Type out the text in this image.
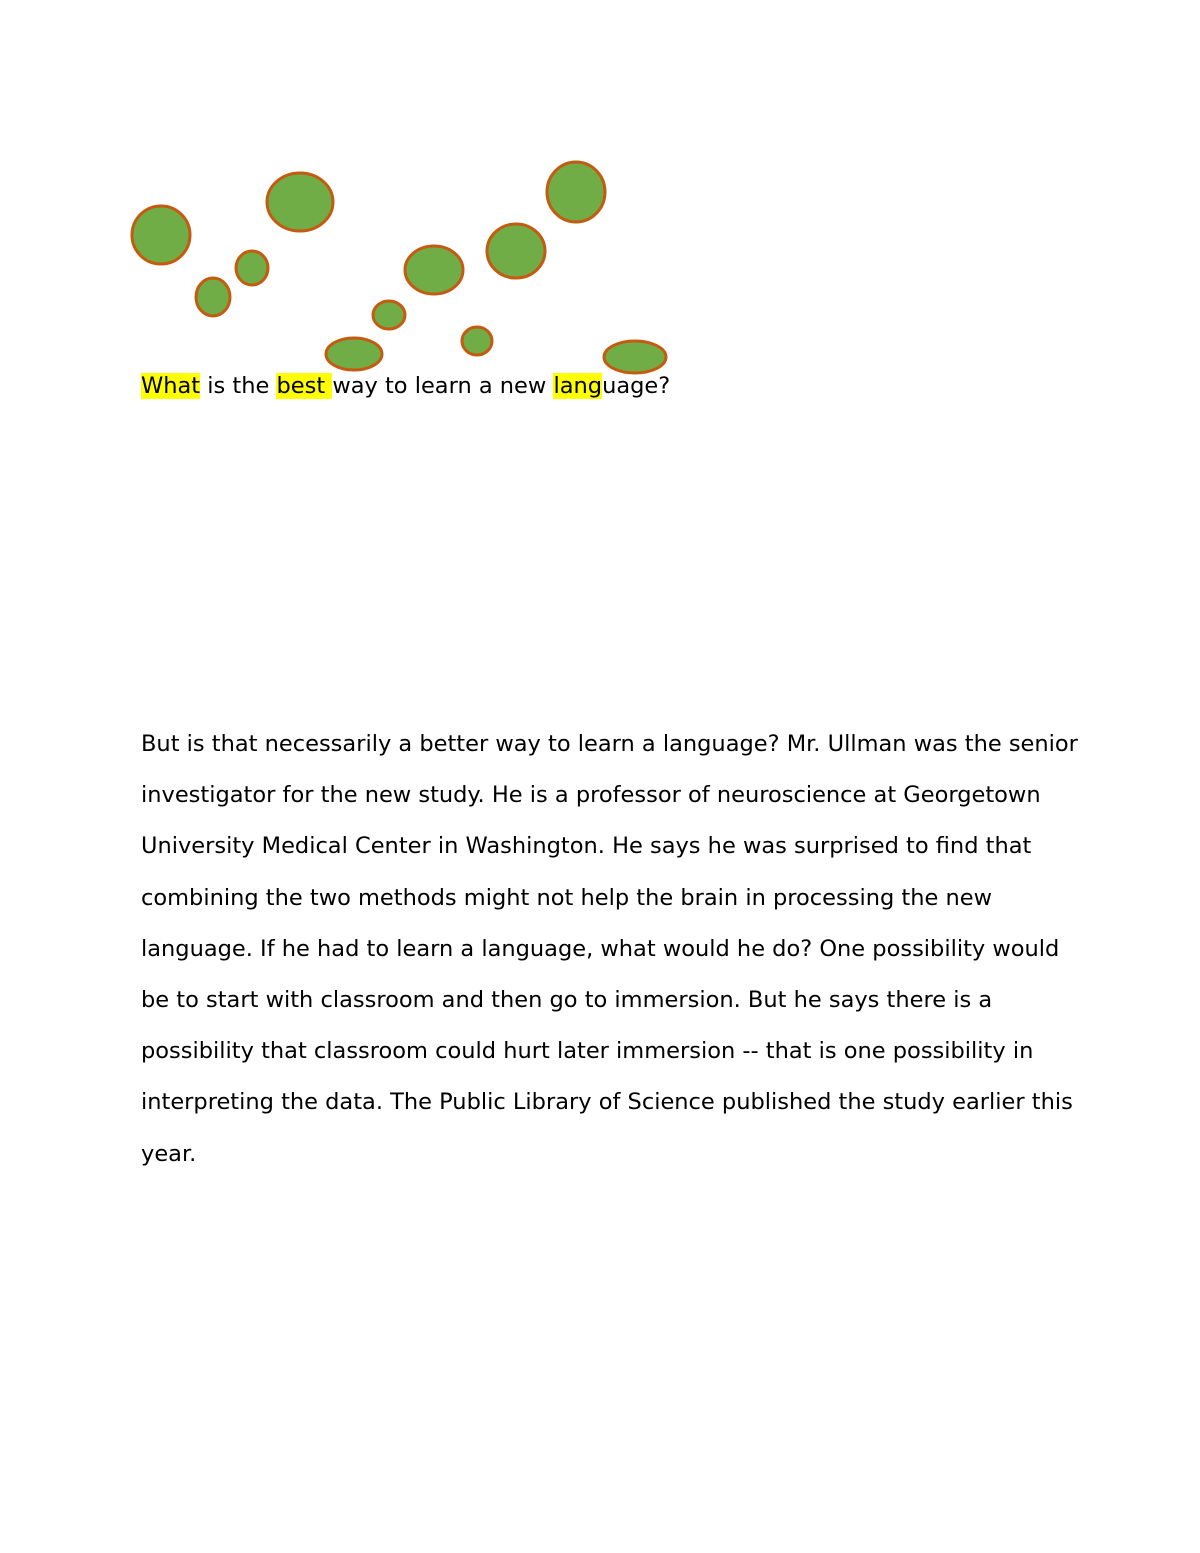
What is the best way to learn a new language?

But is that necessarily a better way to learn a language? Mr. Ullman was the senior
investigator for the new study. He is a professor of neuroscience at Georgetown
University Medical Center in Washington. He says he was surprised to find that
combining the two methods might not help the brain in processing the new
language. If he had to learn a language, what would he do? One possibility would
be to start with classroom and then go to immersion. But he says there is a
possibility that classroom could hurt later immersion -- that is one possibility in
interpreting the data. The Public Library of Science published the study earlier this
year.
